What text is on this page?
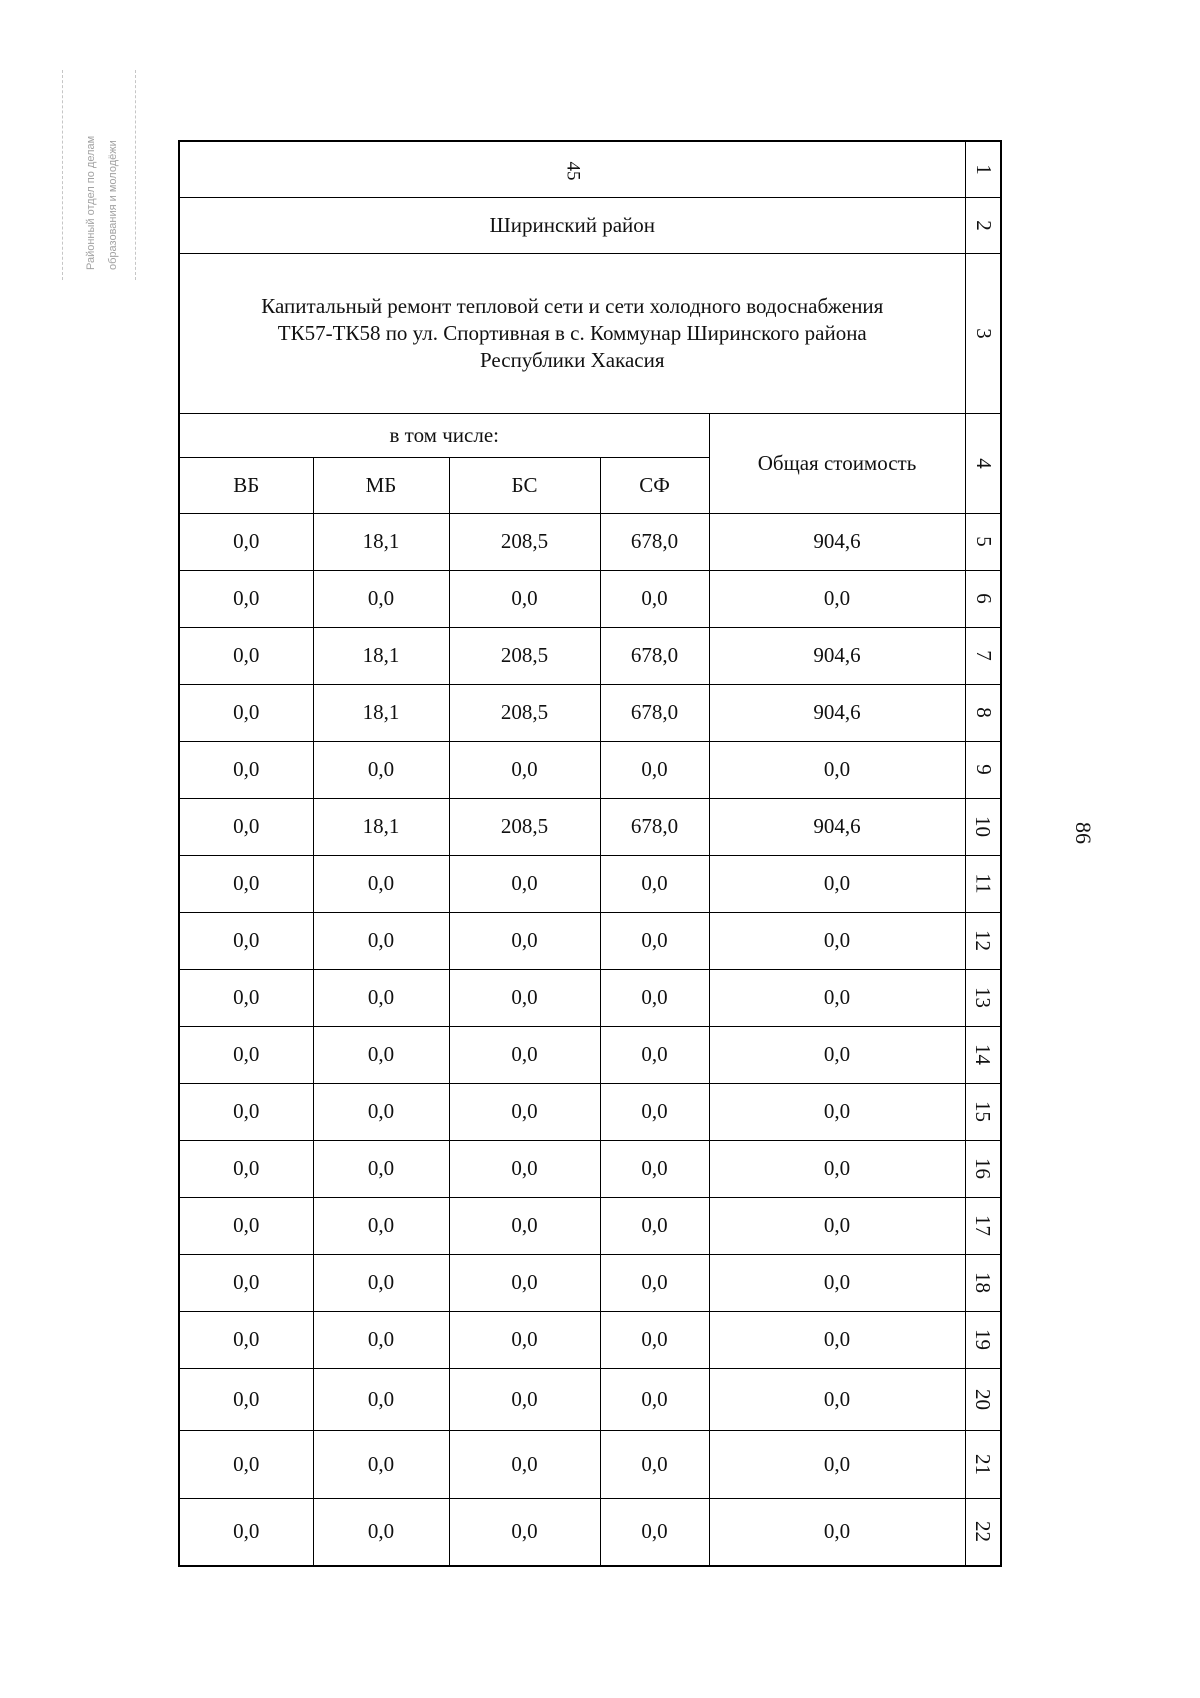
Районный отдел по делам образования и молодёжи
86
45					1
Ширинский район					2

Капитальный ремонт тепловой сети и сети холодного водоснабжения
ТК57-ТК58 по ул. Спортивная в с. Коммунар Ширинского района
Республики Хакасия					3
в том числе:				Общая стоимость	4
ВБ	МБ	БС	СФ		
0,0	18,1	208,5	678,0	904,6	5
0,0	0,0	0,0	0,0	0,0	6
0,0	18,1	208,5	678,0	904,6	7
0,0	18,1	208,5	678,0	904,6	8
0,0	0,0	0,0	0,0	0,0	9
0,0	18,1	208,5	678,0	904,6	10
0,0	0,0	0,0	0,0	0,0	11
0,0	0,0	0,0	0,0	0,0	12
0,0	0,0	0,0	0,0	0,0	13
0,0	0,0	0,0	0,0	0,0	14
0,0	0,0	0,0	0,0	0,0	15
0,0	0,0	0,0	0,0	0,0	16
0,0	0,0	0,0	0,0	0,0	17
0,0	0,0	0,0	0,0	0,0	18
0,0	0,0	0,0	0,0	0,0	19
0,0	0,0	0,0	0,0	0,0	20
0,0	0,0	0,0	0,0	0,0	21
0,0	0,0	0,0	0,0	0,0	22
